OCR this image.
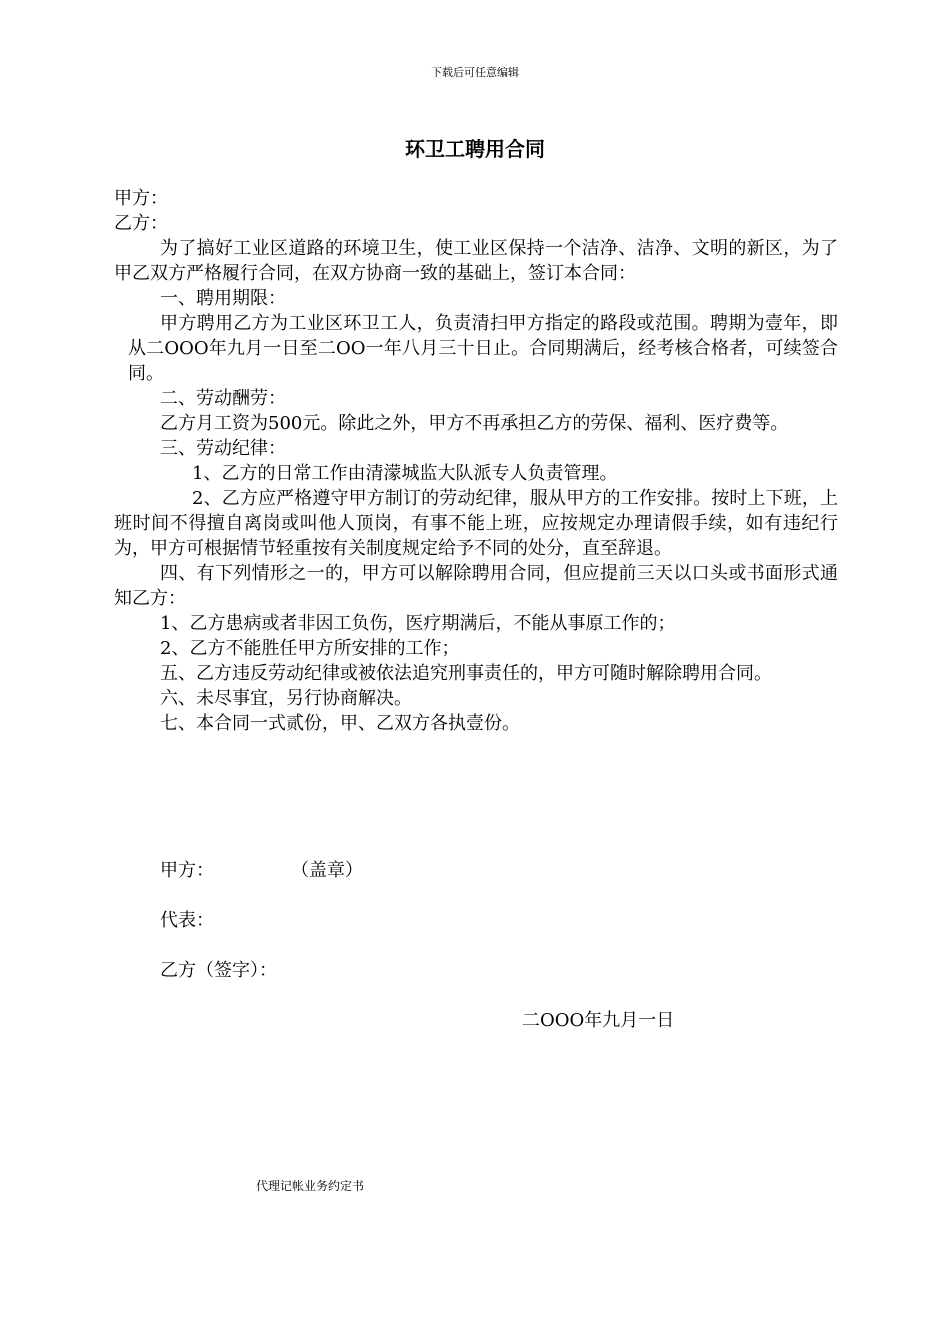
下载后可任意编辑
环卫工聘用合同

甲方：

乙方：

为了搞好工业区道路的环境卫生，使工业区保持一个洁净、洁净、文明的新区，为了甲乙双方严格履行合同，在双方协商一致的基础上，签订本合同：

一、聘用期限：

甲方聘用乙方为工业区环卫工人，负责清扫甲方指定的路段或范围。聘期为壹年，即从二OOO年九月一日至二OO一年八月三十日止。合同期满后，经考核合格者，可续签合同。

二、劳动酬劳：

乙方月工资为500元。除此之外，甲方不再承担乙方的劳保、福利、医疗费等。

三、劳动纪律：

1、乙方的日常工作由清濛城监大队派专人负责管理。

2、乙方应严格遵守甲方制订的劳动纪律，服从甲方的工作安排。按时上下班，上班时间不得擅自离岗或叫他人顶岗，有事不能上班，应按规定办理请假手续，如有违纪行为，甲方可根据情节轻重按有关制度规定给予不同的处分，直至辞退。

四、有下列情形之一的，甲方可以解除聘用合同，但应提前三天以口头或书面形式通知乙方：

1、乙方患病或者非因工负伤，医疗期满后，不能从事原工作的；

2、乙方不能胜任甲方所安排的工作；

五、乙方违反劳动纪律或被依法追究刑事责任的，甲方可随时解除聘用合同。

六、未尽事宜，另行协商解决。

七、本合同一式贰份，甲、乙双方各执壹份。

甲方：	（盖章）
代表：
乙方（签字）：
二OOO年九月一日
代理记帐业务约定书
